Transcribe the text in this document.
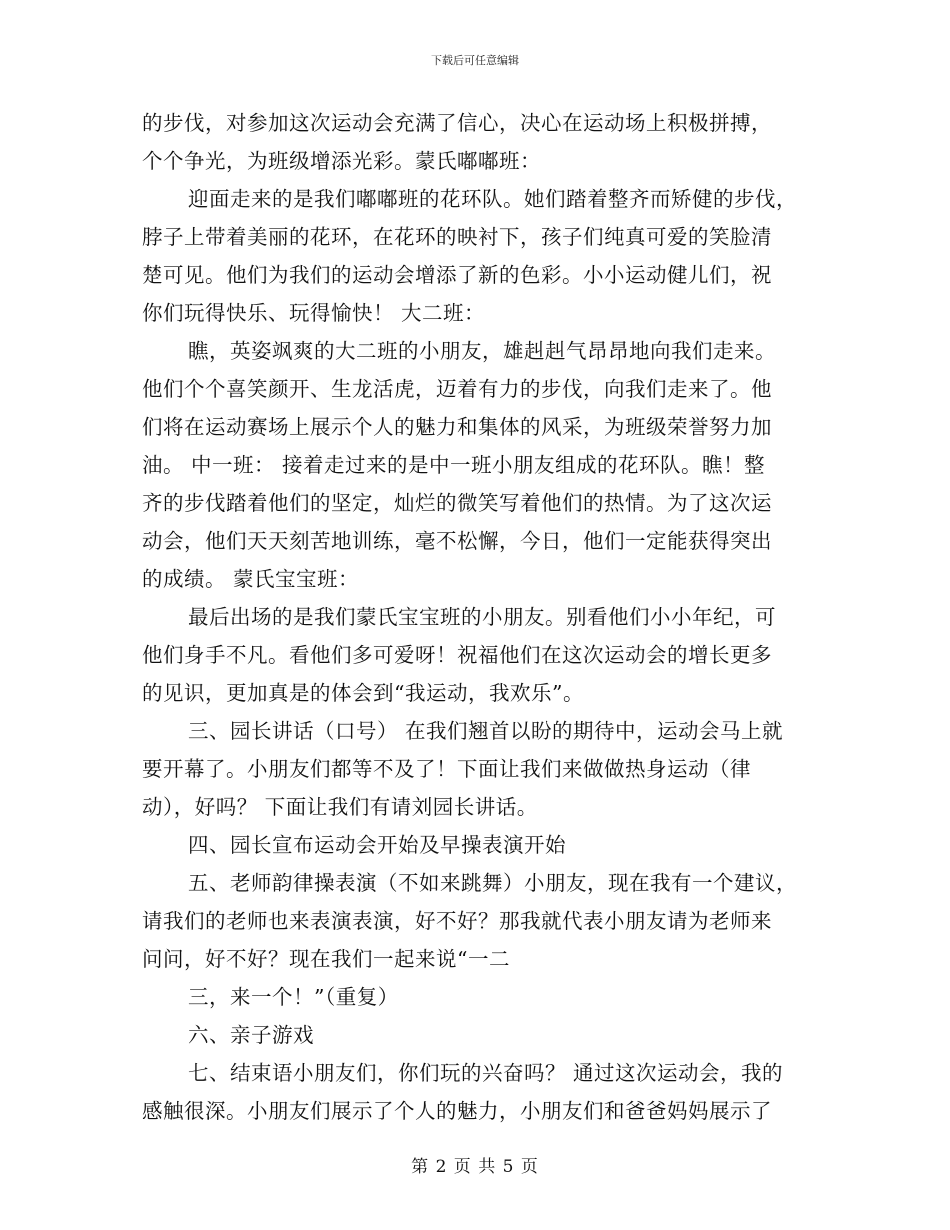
下载后可任意编辑
的步伐，对参加这次运动会充满了信心，决心在运动场上积极拼搏，
个个争光，为班级增添光彩。蒙氏嘟嘟班：
迎面走来的是我们嘟嘟班的花环队。她们踏着整齐而矫健的步伐，
脖子上带着美丽的花环，在花环的映衬下，孩子们纯真可爱的笑脸清
楚可见。他们为我们的运动会增添了新的色彩。小小运动健儿们，祝
你们玩得快乐、玩得愉快！ 大二班：
瞧，英姿飒爽的大二班的小朋友，雄赳赳气昂昂地向我们走来。
他们个个喜笑颜开、生龙活虎，迈着有力的步伐，向我们走来了。他
们将在运动赛场上展示个人的魅力和集体的风采，为班级荣誉努力加
油。 中一班： 接着走过来的是中一班小朋友组成的花环队。瞧！整
齐的步伐踏着他们的坚定，灿烂的微笑写着他们的热情。为了这次运
动会，他们天天刻苦地训练，毫不松懈，今日，他们一定能获得突出
的成绩。 蒙氏宝宝班：
最后出场的是我们蒙氏宝宝班的小朋友。别看他们小小年纪，可
他们身手不凡。看他们多可爱呀！祝福他们在这次运动会的增长更多
的见识，更加真是的体会到“我运动，我欢乐”。
三、园长讲话（口号） 在我们翘首以盼的期待中，运动会马上就
要开幕了。小朋友们都等不及了！下面让我们来做做热身运动（律
动），好吗？ 下面让我们有请刘园长讲话。
四、园长宣布运动会开始及早操表演开始
五、老师韵律操表演（不如来跳舞）小朋友，现在我有一个建议，
请我们的老师也来表演表演，好不好？那我就代表小朋友请为老师来
问问，好不好？现在我们一起来说“一二
三，来一个！”（重复）
六、亲子游戏
七、结束语小朋友们，你们玩的兴奋吗？ 通过这次运动会，我的
感触很深。小朋友们展示了个人的魅力，小朋友们和爸爸妈妈展示了
第 2 页 共 5 页
